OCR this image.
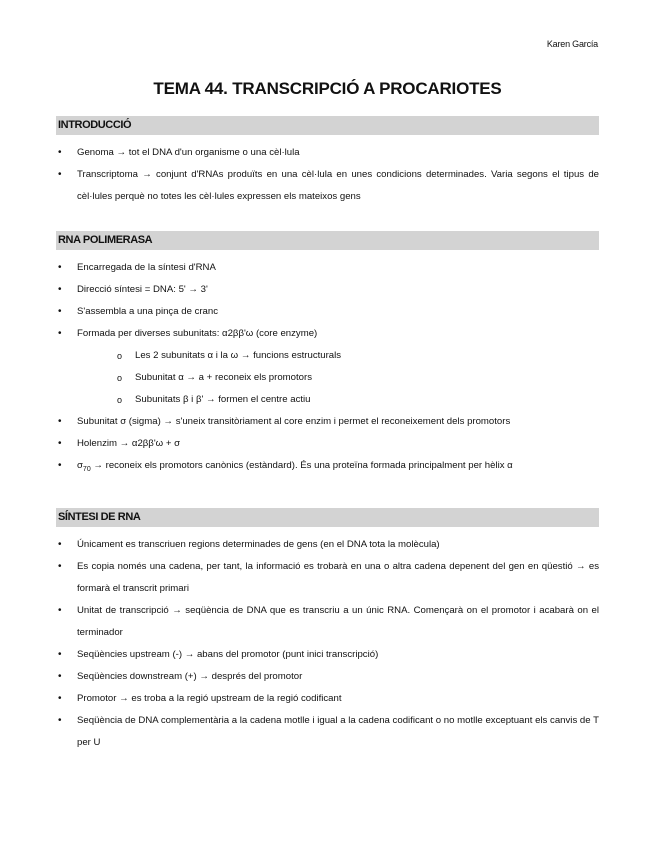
Karen García
TEMA 44. TRANSCRIPCIÓ A PROCARIOTES
INTRODUCCIÓ
• Genoma → tot el DNA d'un organisme o una cèl·lula
• Transcriptoma → conjunt d'RNAs produïts en una cèl·lula en unes condicions determinades. Varia segons el tipus de cèl·lules perquè no totes les cèl·lules expressen els mateixos gens
RNA POLIMERASA
• Encarregada de la síntesi d'RNA
• Direcció síntesi = DNA: 5' → 3'
• S'assembla a una pinça de cranc
• Formada per diverses subunitats: α2ββ'ω (core enzyme)
o Les 2 subunitats α i la ω → funcions estructurals
o Subunitat α → a + reconeix els promotors
o Subunitats β i β' → formen el centre actiu
• Subunitat σ (sigma) → s'uneix transitòriament al core enzim i permet el reconeixement dels promotors
• Holenzim → α2ββ'ω + σ
• $\sigma_{70}$ → reconeix els promotors canònics (estàndard). És una proteïna formada principalment per hèlix α
SÍNTESI DE RNA
• Únicament es transcriuen regions determinades de gens (en el DNA tota la molècula)
• Es copia només una cadena, per tant, la informació es trobarà en una o altra cadena depenent del gen en qüestió → es formarà el transcrit primari
• Unitat de transcripció → seqüència de DNA que es transcriu a un únic RNA. Començarà on el promotor i acabarà on el terminador
• Seqüències upstream (-) → abans del promotor (punt inici transcripció)
• Seqüències downstream (+) → després del promotor
• Promotor → es troba a la regió upstream de la regió codificant
• Seqüència de DNA complementària a la cadena motlle i igual a la cadena codificant o no motlle exceptuant els canvis de T per U
